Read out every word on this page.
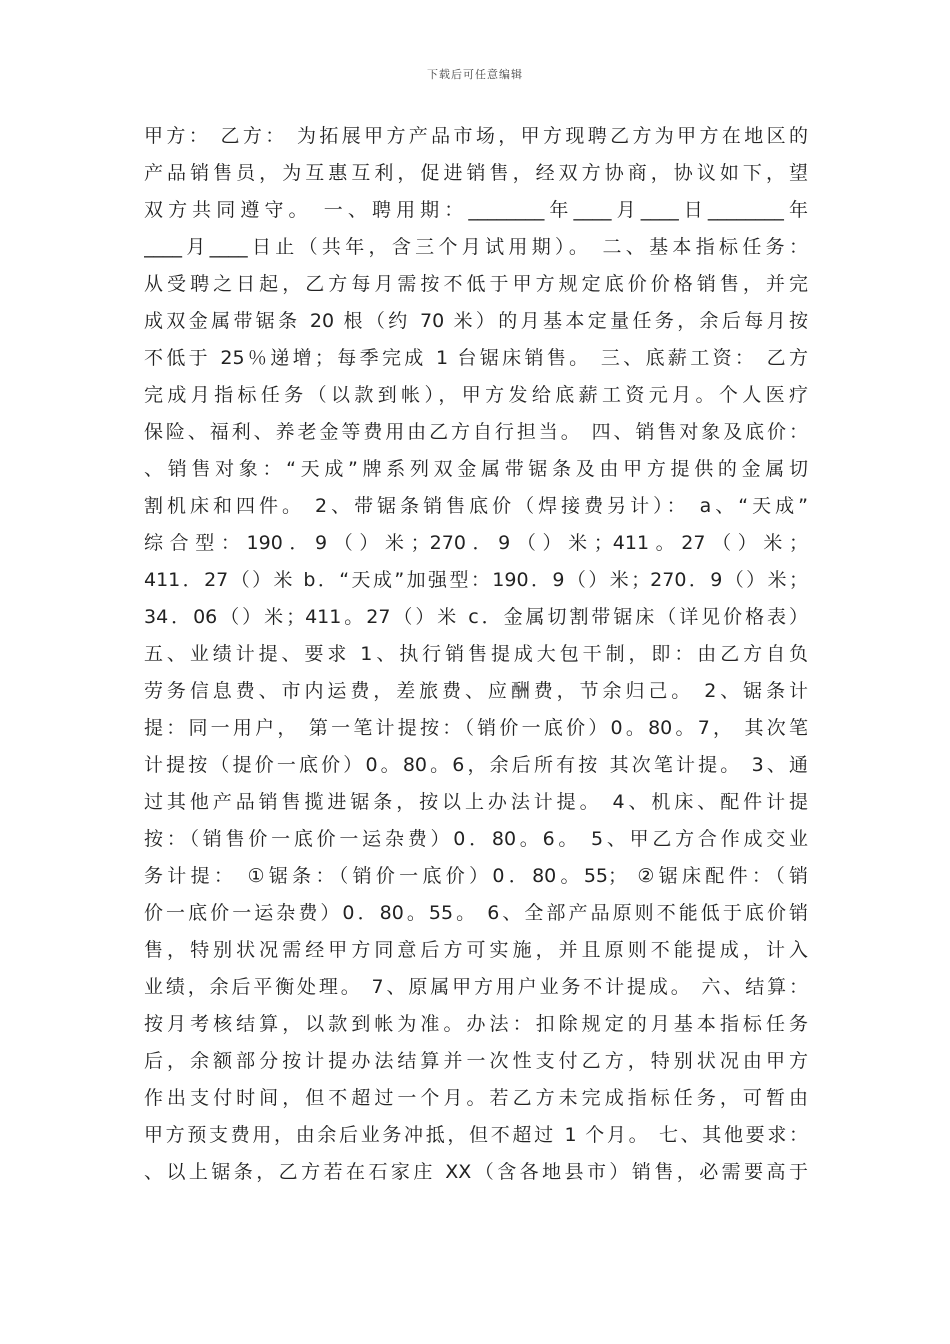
下载后可任意编辑
甲方： 乙方： 为拓展甲方产品市场，甲方现聘乙方为甲方在地区的
产品销售员，为互惠互利，促进销售，经双方协商，协议如下，望
双方共同遵守。 一、聘用期：________年____月____日________年
____月____日止（共年，含三个月试用期）。 二、基本指标任务：
从受聘之日起，乙方每月需按不低于甲方规定底价价格销售，并完
成双金属带锯条 20 根（约 70 米）的月基本定量任务，余后每月按
不低于 25％递增；每季完成 1 台锯床销售。 三、底薪工资： 乙方
完成月指标任务（以款到帐），甲方发给底薪工资元月。个人医疗
保险、福利、养老金等费用由乙方自行担当。 四、销售对象及底价：
、销售对象：“天成”牌系列双金属带锯条及由甲方提供的金属切
割机床和四件。 2、带锯条销售底价（焊接费另计）： a、“天成”
综合型：190．9（）米；270．9（）米；411。27（）米；
411．27（）米 b．“天成”加强型：190．9（）米；270．9（）米；
34．06（）米；411。27（）米 c．金属切割带锯床（详见价格表）
五、业绩计提、要求 1、执行销售提成大包干制，即：由乙方自负
劳务信息费、市内运费，差旅费、应酬费，节余归己。 2、锯条计
提：同一用户， 第一笔计提按：（销价一底价）0。80。7， 其次笔
计提按（提价一底价）0。80。6，余后所有按 其次笔计提。 3、通
过其他产品销售揽进锯条，按以上办法计提。 4、机床、配件计提
按：（销售价一底价一运杂费）0．80。6。 5、甲乙方合作成交业
务计提： ①锯条：（销价一底价）0．80。55； ②锯床配件：（销
价一底价一运杂费）0．80。55。 6、全部产品原则不能低于底价销
售，特别状况需经甲方同意后方可实施，并且原则不能提成，计入
业绩，余后平衡处理。 7、原属甲方用户业务不计提成。 六、结算：
按月考核结算，以款到帐为准。办法：扣除规定的月基本指标任务
后，余额部分按计提办法结算并一次性支付乙方，特别状况由甲方
作出支付时间，但不超过一个月。若乙方未完成指标任务，可暂由
甲方预支费用，由余后业务冲抵，但不超过 1 个月。 七、其他要求：
、以上锯条，乙方若在石家庄 XX（含各地县市）销售，必需要高于
